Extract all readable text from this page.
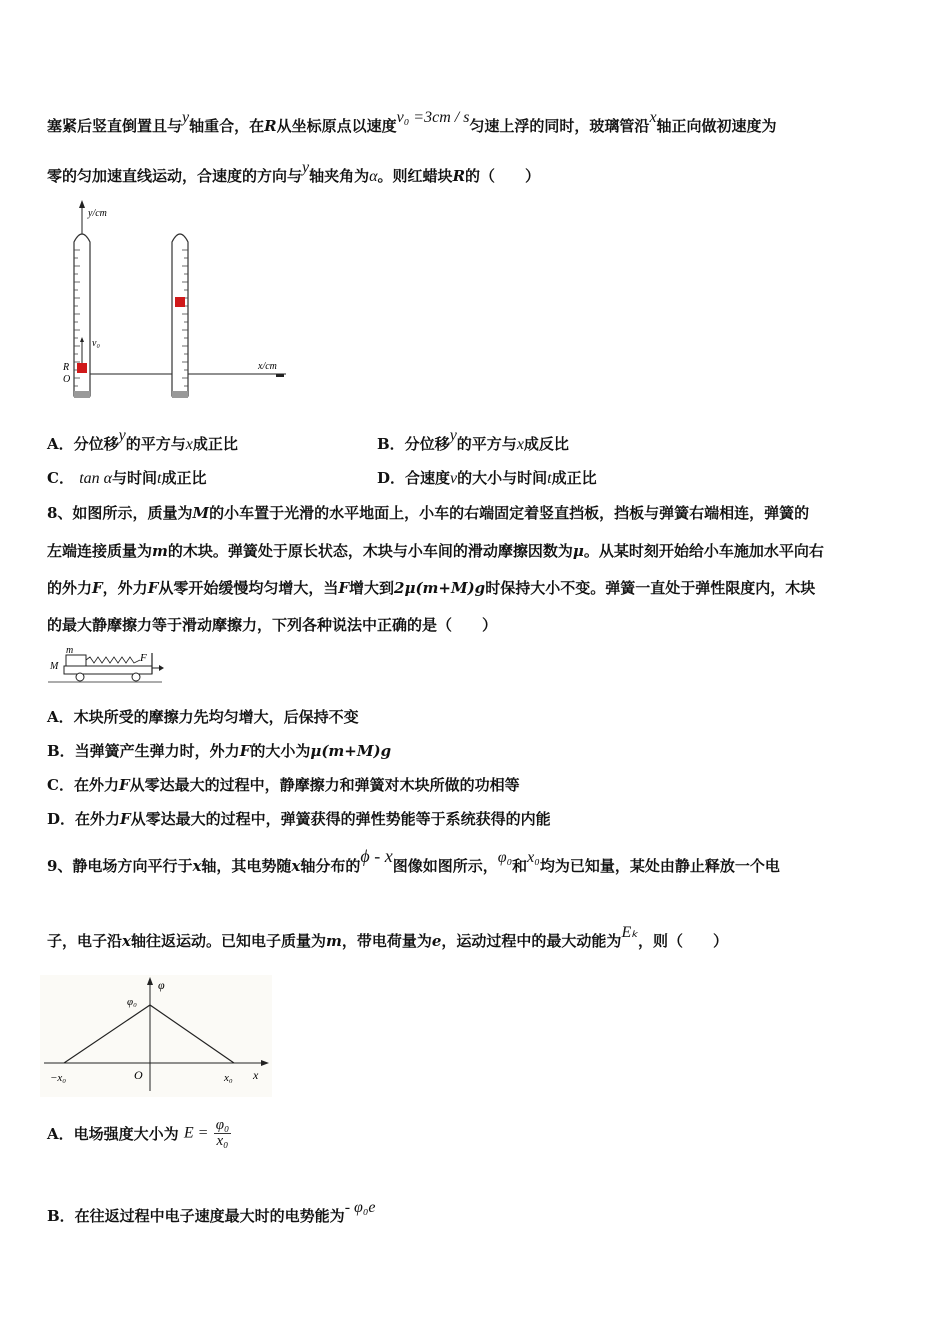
塞紧后竖直倒置且与y轴重合，在R从坐标原点以速度v₀ =3cm / s匀速上浮的同时，玻璃管沿x轴正向做初速度为
零的匀加速直线运动，合速度的方向与y轴夹角为α。则红蜡块R的（　　）
y/cm
x/cm
v₀
R
O
A．分位移y的平方与x成正比	B．分位移y的平方与x成反比
C． tan α与时间t成正比	D．合速度v的大小与时间t成正比
8、如图所示，质量为M的小车置于光滑的水平地面上，小车的右端固定着竖直挡板，挡板与弹簧右端相连，弹簧的
左端连接质量为m的木块。弹簧处于原长状态，木块与小车间的滑动摩擦因数为μ。从某时刻开始给小车施加水平向右
的外力F，外力F从零开始缓慢均匀增大，当F增大到2μ(m+M)g时保持大小不变。弹簧一直处于弹性限度内，木块
的最大静摩擦力等于滑动摩擦力，下列各种说法中正确的是（　　）
M
m
F
A．木块所受的摩擦力先均匀增大，后保持不变
B．当弹簧产生弹力时，外力F的大小为μ(m+M)g
C．在外力F从零达最大的过程中，静摩擦力和弹簧对木块所做的功相等
D．在外力F从零达最大的过程中，弹簧获得的弹性势能等于系统获得的内能
9、静电场方向平行于x轴，其电势随x轴分布的ϕ - x图像如图所示，φ₀和x₀均为已知量，某处由静止释放一个电
子，电子沿x轴往返运动。已知电子质量为m，带电荷量为e，运动过程中的最大动能为Eₖ，则（　　）
φ
φ₀
−x₀	O	x₀ x
A．电场强度大小为 $E = \frac{\text{φ₀}}{\text{x₀}}$
B．在往返过程中电子速度最大时的电势能为- φ₀e
